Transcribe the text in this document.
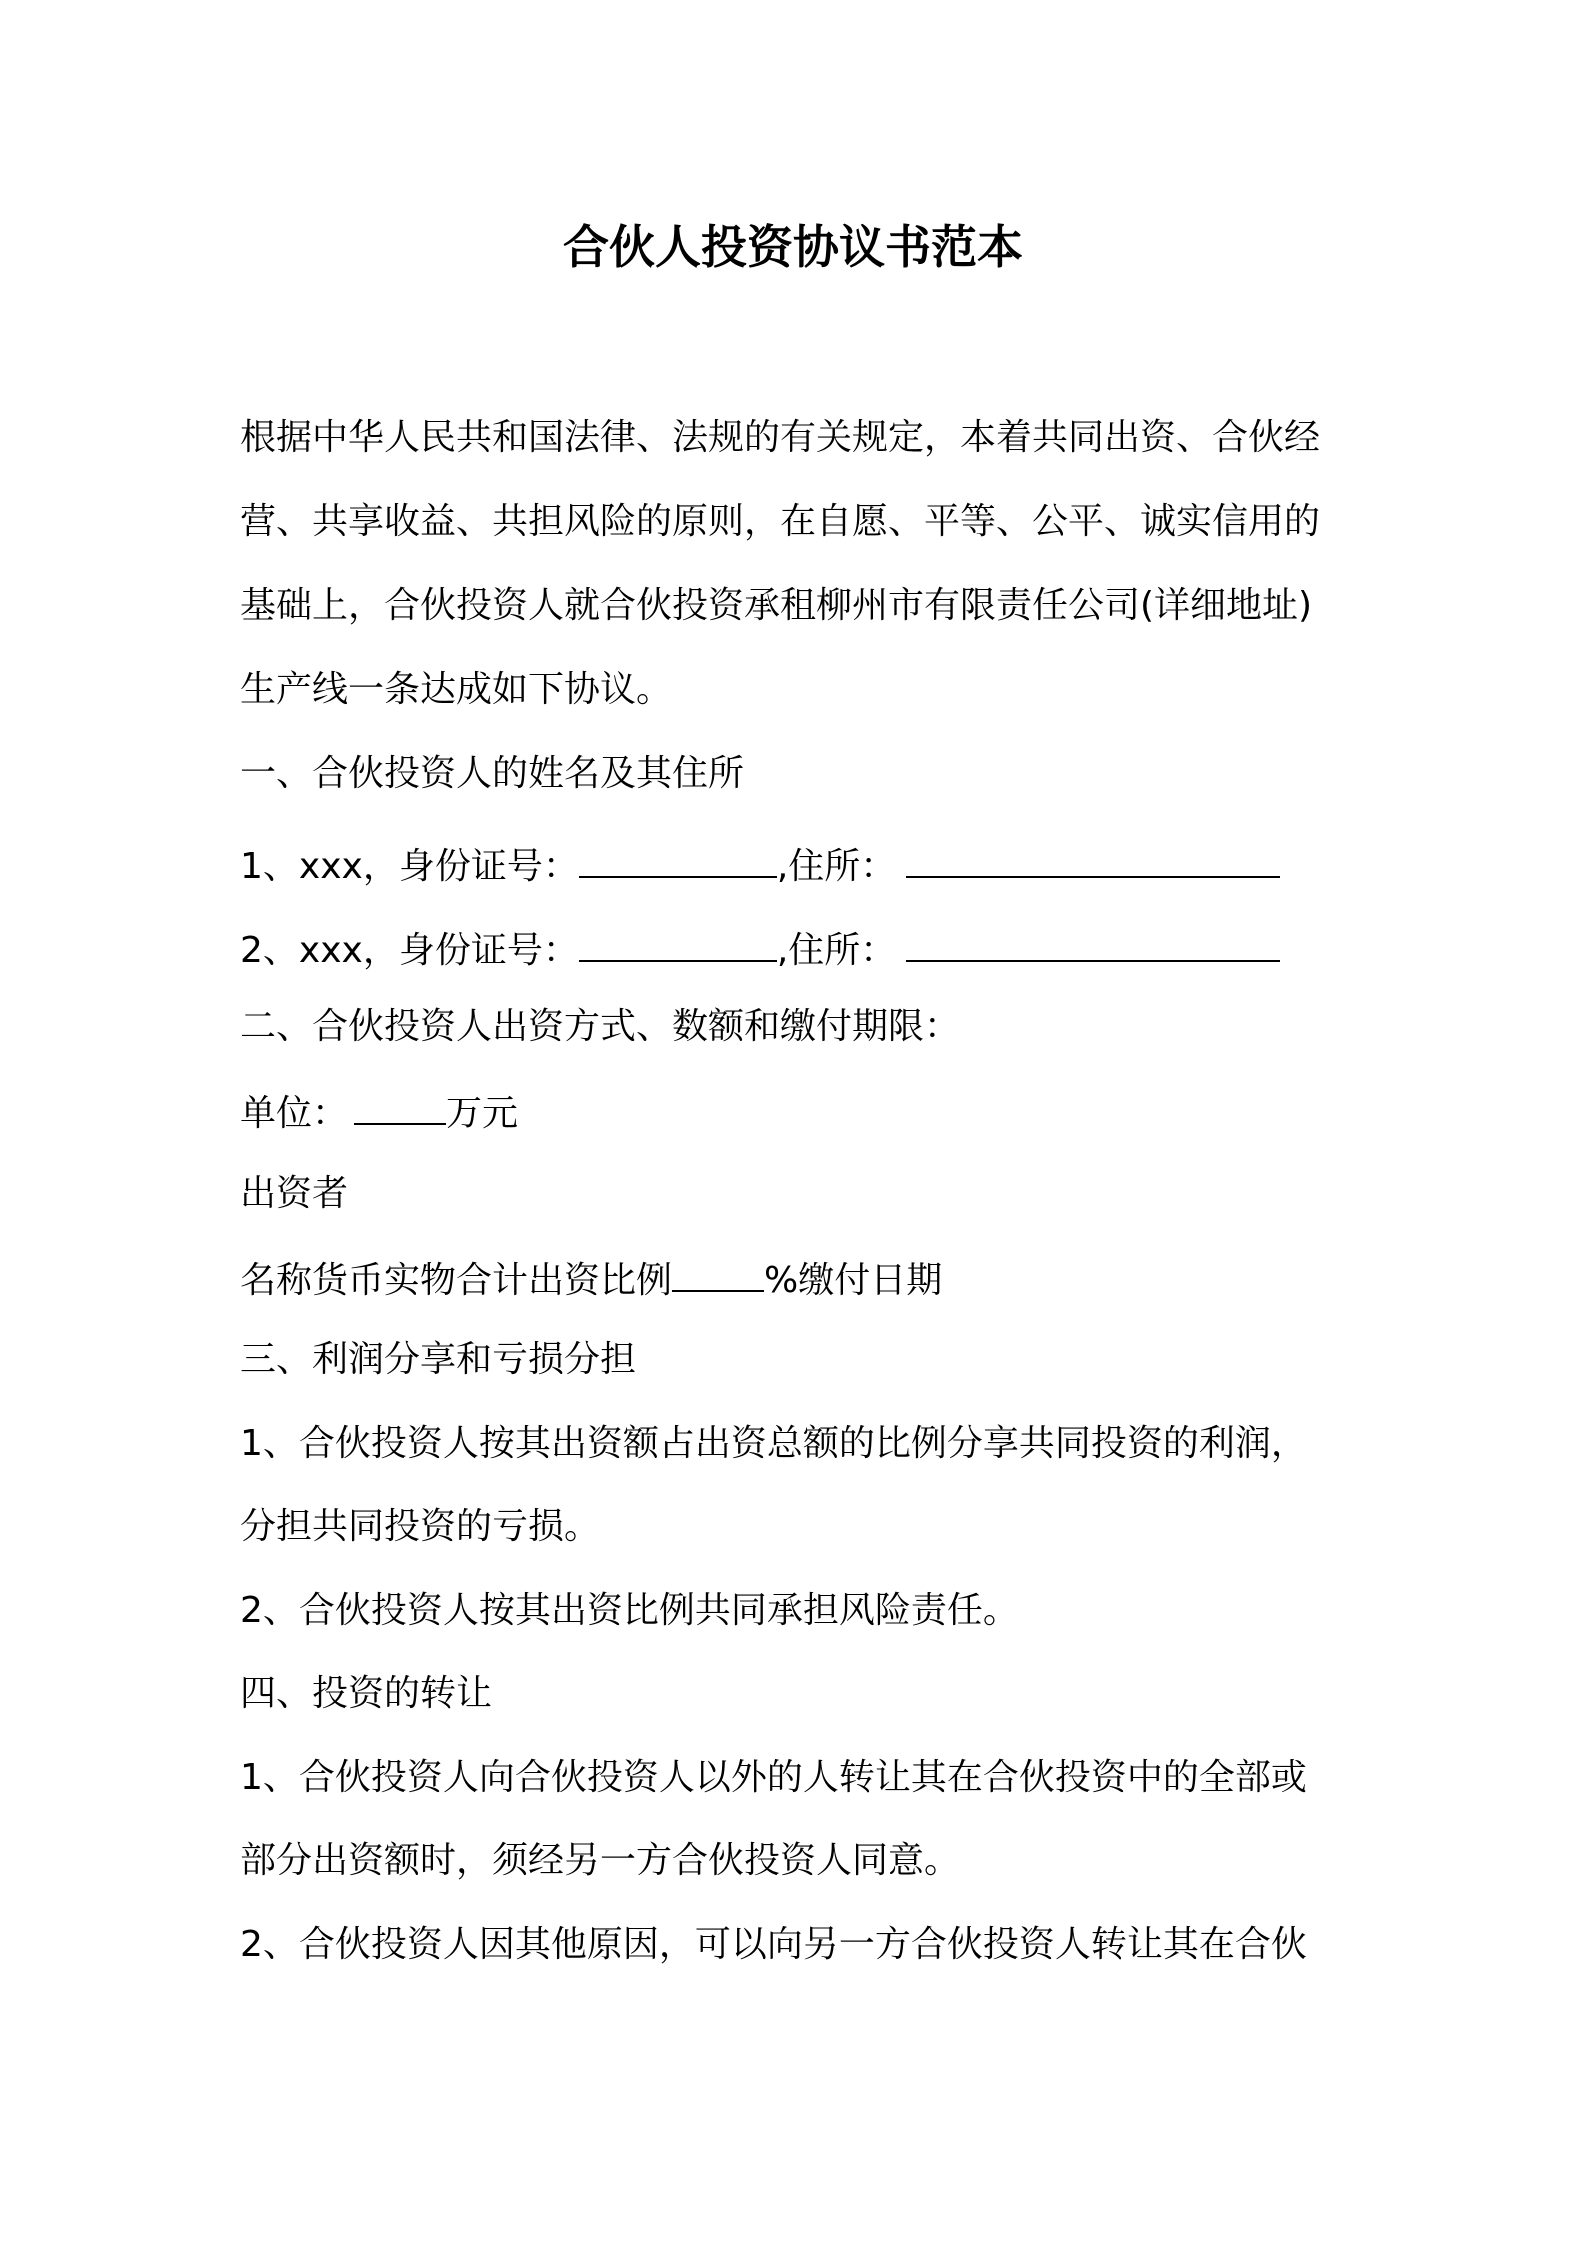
合伙人投资协议书范本

根据中华人民共和国法律、法规的有关规定，本着共同出资、合伙经

营、共享收益、共担风险的原则，在自愿、平等、公平、诚实信用的

基础上，合伙投资人就合伙投资承租柳州市有限责任公司(详细地址)

生产线一条达成如下协议。

一、合伙投资人的姓名及其住所

1、xxx，身份证号：	,住所：

2、xxx，身份证号：	,住所：

二、合伙投资人出资方式、数额和缴付期限：

单位：	万元

出资者

名称货币实物合计出资比例	%缴付日期

三、利润分享和亏损分担

1、合伙投资人按其出资额占出资总额的比例分享共同投资的利润，

分担共同投资的亏损。

2、合伙投资人按其出资比例共同承担风险责任。

四、投资的转让

1、合伙投资人向合伙投资人以外的人转让其在合伙投资中的全部或

部分出资额时，须经另一方合伙投资人同意。

2、合伙投资人因其他原因，可以向另一方合伙投资人转让其在合伙
